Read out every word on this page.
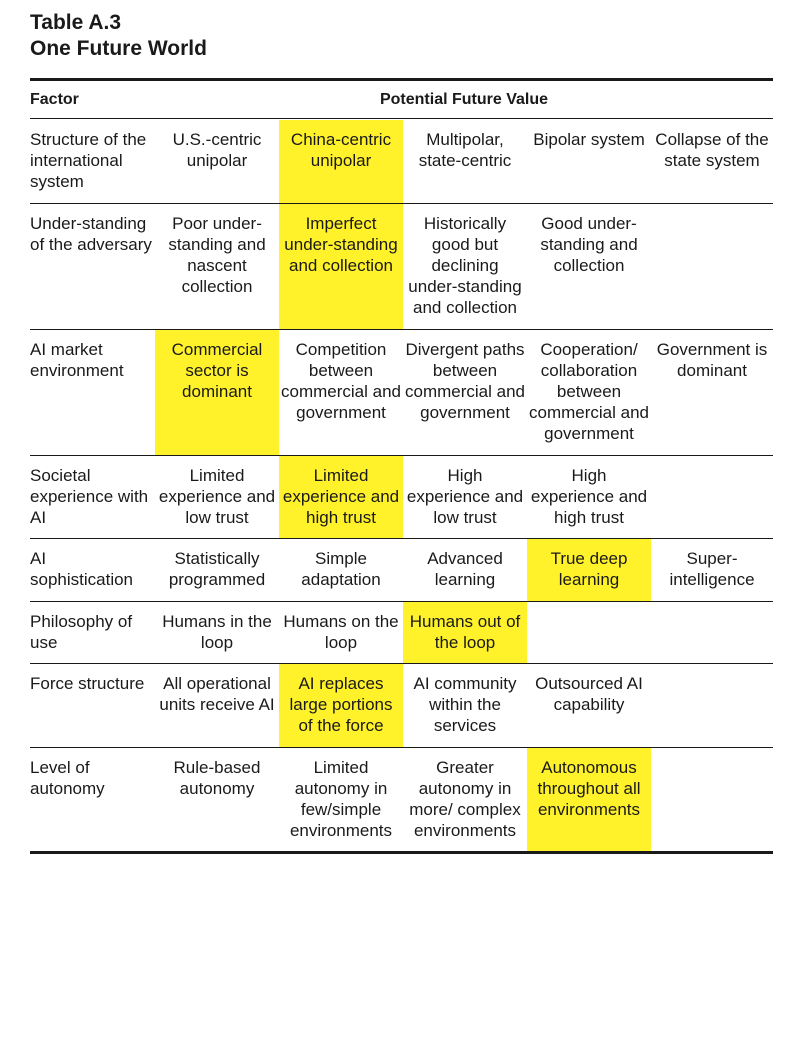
Table A.3
One Future World
Factor	Potential Future Value
Structure of the international system	U.S.-centric unipolar	China-centric unipolar	Multipolar, state-centric	Bipolar system	Collapse of the state system
Under-standing of the adversary	Poor under-standing and nascent collection	Imperfect under-standing and collection	Historically good but declining under-standing and collection	Good under-standing and collection	
AI market environment	Commercial sector is dominant	Competition between commercial and government	Divergent paths between commercial and government	Cooperation/ collaboration between commercial and government	Government is dominant
Societal experience with AI	Limited experience and low trust	Limited experience and high trust	High experience and low trust	High experience and high trust	
AI sophistication	Statistically programmed	Simple adaptation	Advanced learning	True deep learning	Super-intelligence
Philosophy of use	Humans in the loop	Humans on the loop	Humans out of the loop		
Force structure	All operational units receive AI	AI replaces large portions of the force	AI community within the services	Outsourced AI capability	
Level of autonomy	Rule-based autonomy	Limited autonomy in few/simple environments	Greater autonomy in more/ complex environments	Autonomous throughout all environments	
